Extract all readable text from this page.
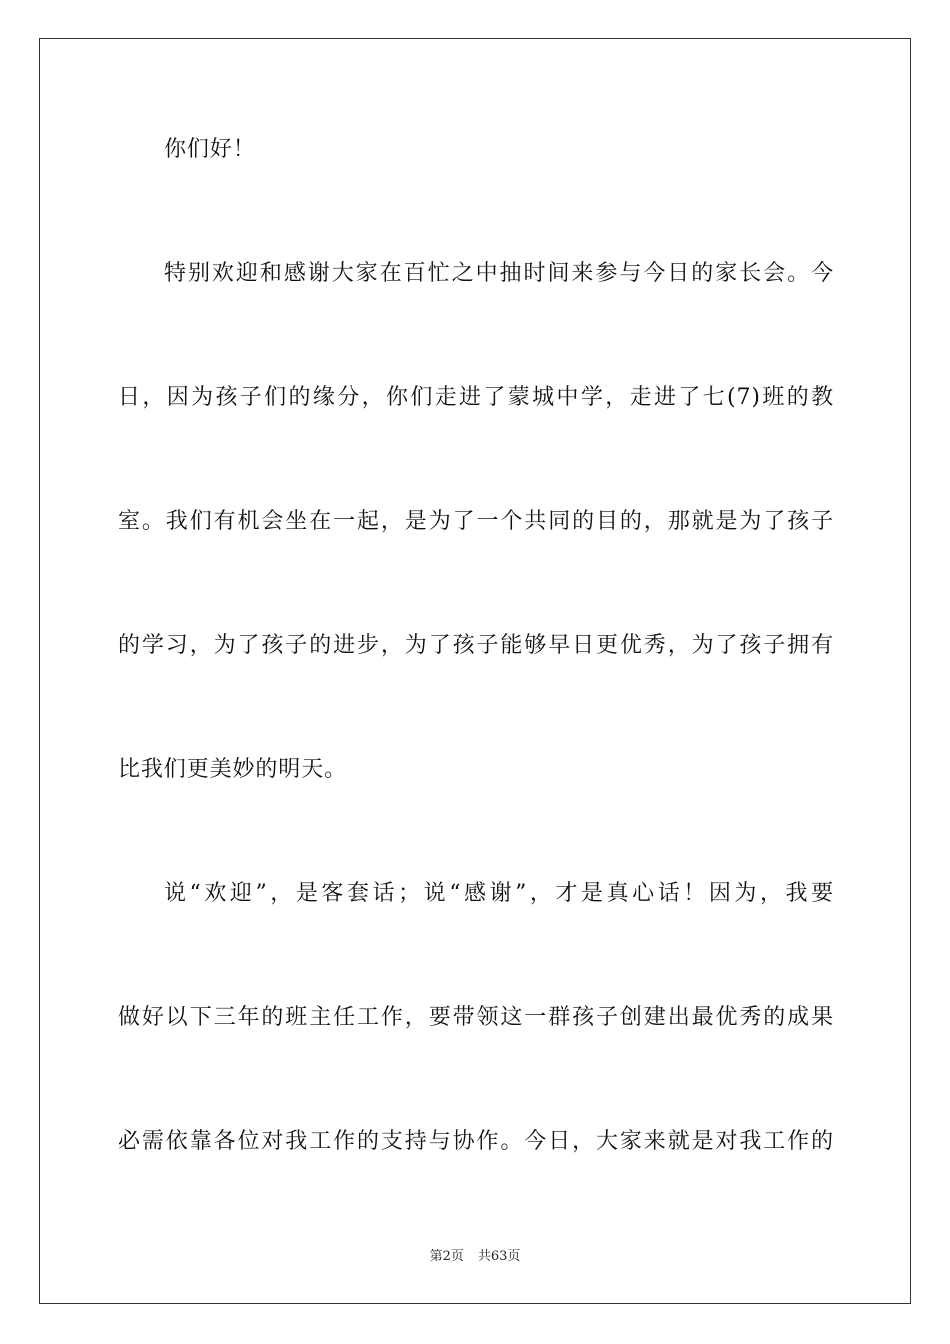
你们好！
特别欢迎和感谢大家在百忙之中抽时间来参与今日的家长会。今
日，因为孩子们的缘分，你们走进了蒙城中学，走进了七(7)班的教
室。我们有机会坐在一起，是为了一个共同的目的，那就是为了孩子
的学习，为了孩子的进步，为了孩子能够早日更优秀，为了孩子拥有
比我们更美妙的明天。
说“欢迎”，是客套话；说“感谢”，才是真心话！因为，我要
做好以下三年的班主任工作，要带领这一群孩子创建出最优秀的成果
必需依靠各位对我工作的支持与协作。今日，大家来就是对我工作的
第2页 共63页
